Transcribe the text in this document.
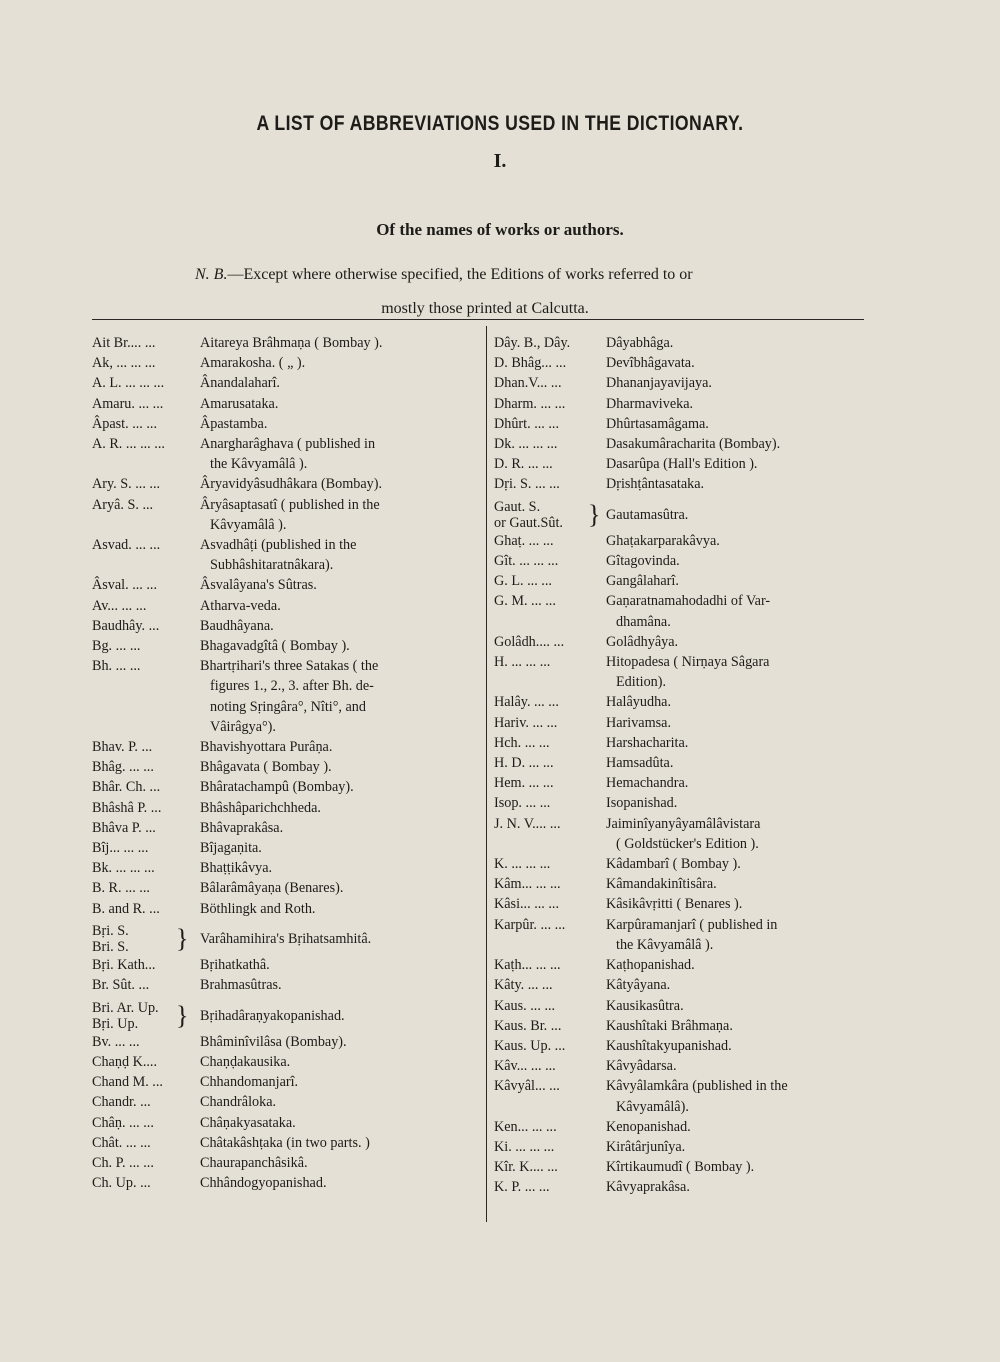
A LIST OF ABBREVIATIONS USED IN THE DICTIONARY.
I.
Of the names of works or authors.
N. B.—Except where otherwise specified, the Editions of works referred to or
mostly those printed at Calcutta.
Ait Br.... ...	Aitareya Brâhmaṇa ( Bombay ).
Ak, ... ... ...	Amarakosha. ( „ ).
A. L. ... ... ...	Ânandalaharî.
Amaru. ... ...	Amarusataka.
Âpast. ... ...	Âpastamba.
A. R. ... ... ... Anargharâghava ( published in
the Kâvyamâlâ ).
Ary. S. ... ...	Âryavidyâsudhâkara (Bombay).
Aryâ. S. ...	Âryâsaptasatî ( published in the
Kâvyamâlâ ).
Asvad. ... ...	Asvadhâṭi (published in the
Subhâshitaratnâkara).
Âsval. ... ...	Âsvalâyana's Sûtras.
Av... ... ...	Atharva-veda.
Baudhây. ...	Baudhâyana.
Bg. ... ...	Bhagavadgîtâ ( Bombay ).
Bh. ... ...	Bhartṛihari's three Satakas ( the
figures 1., 2., 3. after Bh. de-
noting Sṛingâra°, Nîti°, and
Vâirâgya°).
Bhav. P. ...	Bhavishyottara Purâṇa.
Bhâg. ... ...	Bhâgavata ( Bombay ).
Bhâr. Ch. ...	Bhâratachampû (Bombay).
Bhâshâ P. ...	Bhâshâparichchheda.
Bhâva P. ...	Bhâvaprakâsa.
Bîj... ... ...	Bîjagaṇita.
Bk. ... ... ...	Bhaṭṭikâvya.
B. R. ... ...	Bâlarâmâyaṇa (Benares).
B. and R. ...	Böthlingk and Roth.
Bṛi. S.
Bri. S. } Varâhamihira's Bṛihatsamhitâ.
Bṛi. Kath...	Bṛihatkathâ.
Br. Sût. ...	Brahmasûtras.
Bri. Ar. Up.
Bṛi. Up.	} Bṛihadâraṇyakopanishad.
Bv. ... ...	Bhâminîvilâsa (Bombay).
Chaṇḍ K....	Chaṇḍakausika.
Chand M. ...	Chhandomanjarî.
Chandr. ...	Chandrâloka.
Châṇ. ... ...	Châṇakyasataka.
Chât. ... ...	Châtakâshṭaka (in two parts. )
Ch. P. ... ...	Chaurapanchâsikâ.
Ch. Up. ...	Chhândogyopanishad.
Dây. B., Dây.	Dâyabhâga.
D. Bhâg... ...	Devîbhâgavata.
Dhan.V... ...	Dhananjayavijaya.
Dharm. ... ...	Dharmaviveka.
Dhûrt. ... ...	Dhûrtasamâgama.
Dk. ... ... ...	Dasakumâracharita (Bombay).
D. R. ... ...	Dasarûpa (Hall's Edition ).
Dṛi. S. ... ...	Dṛishṭântasataka.
Gaut. S.
or Gaut.Sût. } Gautamasûtra.
Ghaṭ. ... ...	Ghaṭakarparakâvya.
Gît. ... ... ...	Gîtagovinda.
G. L. ... ...	Gangâlaharî.
G. M. ... ...	Gaṇaratnamahodadhi of Var-
dhamâna.
Golâdh.... ...	Golâdhyâya.
H. ... ... ...	Hitopadesa ( Nirṇaya Sâgara
Edition).
Halây. ... ...	Halâyudha.
Hariv. ... ...	Harivamsa.
Hch. ... ...	Harshacharita.
H. D. ... ...	Hamsadûta.
Hem. ... ...	Hemachandra.
Isop. ... ...	Isopanishad.
J. N. V.... ...	Jaiminîyanyâyamâlâvistara
( Goldstücker's Edition ).
K. ... ... ...	Kâdambarî ( Bombay ).
Kâm... ... ...	Kâmandakinîtisâra.
Kâsi... ... ...	Kâsikâvṛitti ( Benares ).
Karpûr. ... ...	Karpûramanjarî ( published in
the Kâvyamâlâ ).
Kaṭh... ... ...	Kaṭhopanishad.
Kâty. ... ...	Kâtyâyana.
Kaus. ... ...	Kausikasûtra.
Kaus. Br. ...	Kaushîtaki Brâhmaṇa.
Kaus. Up. ...	Kaushîtakyupanishad.
Kâv... ... ...	Kâvyâdarsa.
Kâvyâl... ...	Kâvyâlamkâra (published in the
Kâvyamâlâ).
Ken... ... ...	Kenopanishad.
Ki. ... ... ...	Kirâtârjunîya.
Kîr. K.... ...	Kîrtikaumudî ( Bombay ).
K. P. ... ...	Kâvyaprakâsa.
